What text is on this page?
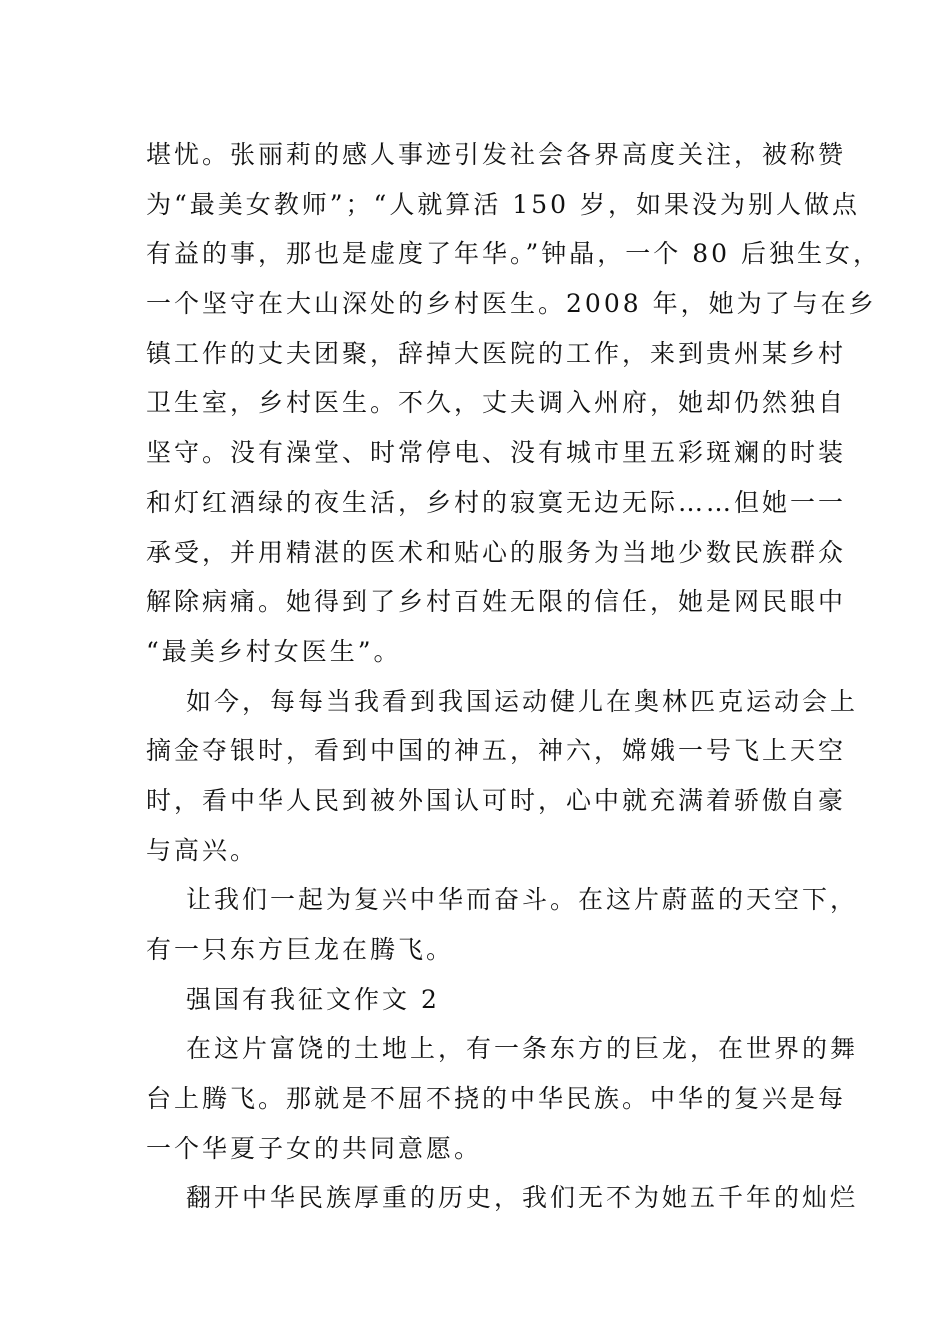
堪忧。张丽莉的感人事迹引发社会各界高度关注，被称赞
为“最美女教师”；“人就算活 150 岁，如果没为别人做点
有益的事，那也是虚度了年华。”钟晶，一个 80 后独生女，
一个坚守在大山深处的乡村医生。2008 年，她为了与在乡
镇工作的丈夫团聚，辞掉大医院的工作，来到贵州某乡村
卫生室，乡村医生。不久，丈夫调入州府，她却仍然独自
坚守。没有澡堂、时常停电、没有城市里五彩斑斓的时装
和灯红酒绿的夜生活，乡村的寂寞无边无际……但她一一
承受，并用精湛的医术和贴心的服务为当地少数民族群众
解除病痛。她得到了乡村百姓无限的信任，她是网民眼中
“最美乡村女医生”。
如今，每每当我看到我国运动健儿在奥林匹克运动会上
摘金夺银时，看到中国的神五，神六，嫦娥一号飞上天空
时，看中华人民到被外国认可时，心中就充满着骄傲自豪
与高兴。
让我们一起为复兴中华而奋斗。在这片蔚蓝的天空下，
有一只东方巨龙在腾飞。
强国有我征文作文 2
在这片富饶的土地上，有一条东方的巨龙，在世界的舞
台上腾飞。那就是不屈不挠的中华民族。中华的复兴是每
一个华夏子女的共同意愿。
翻开中华民族厚重的历史，我们无不为她五千年的灿烂
